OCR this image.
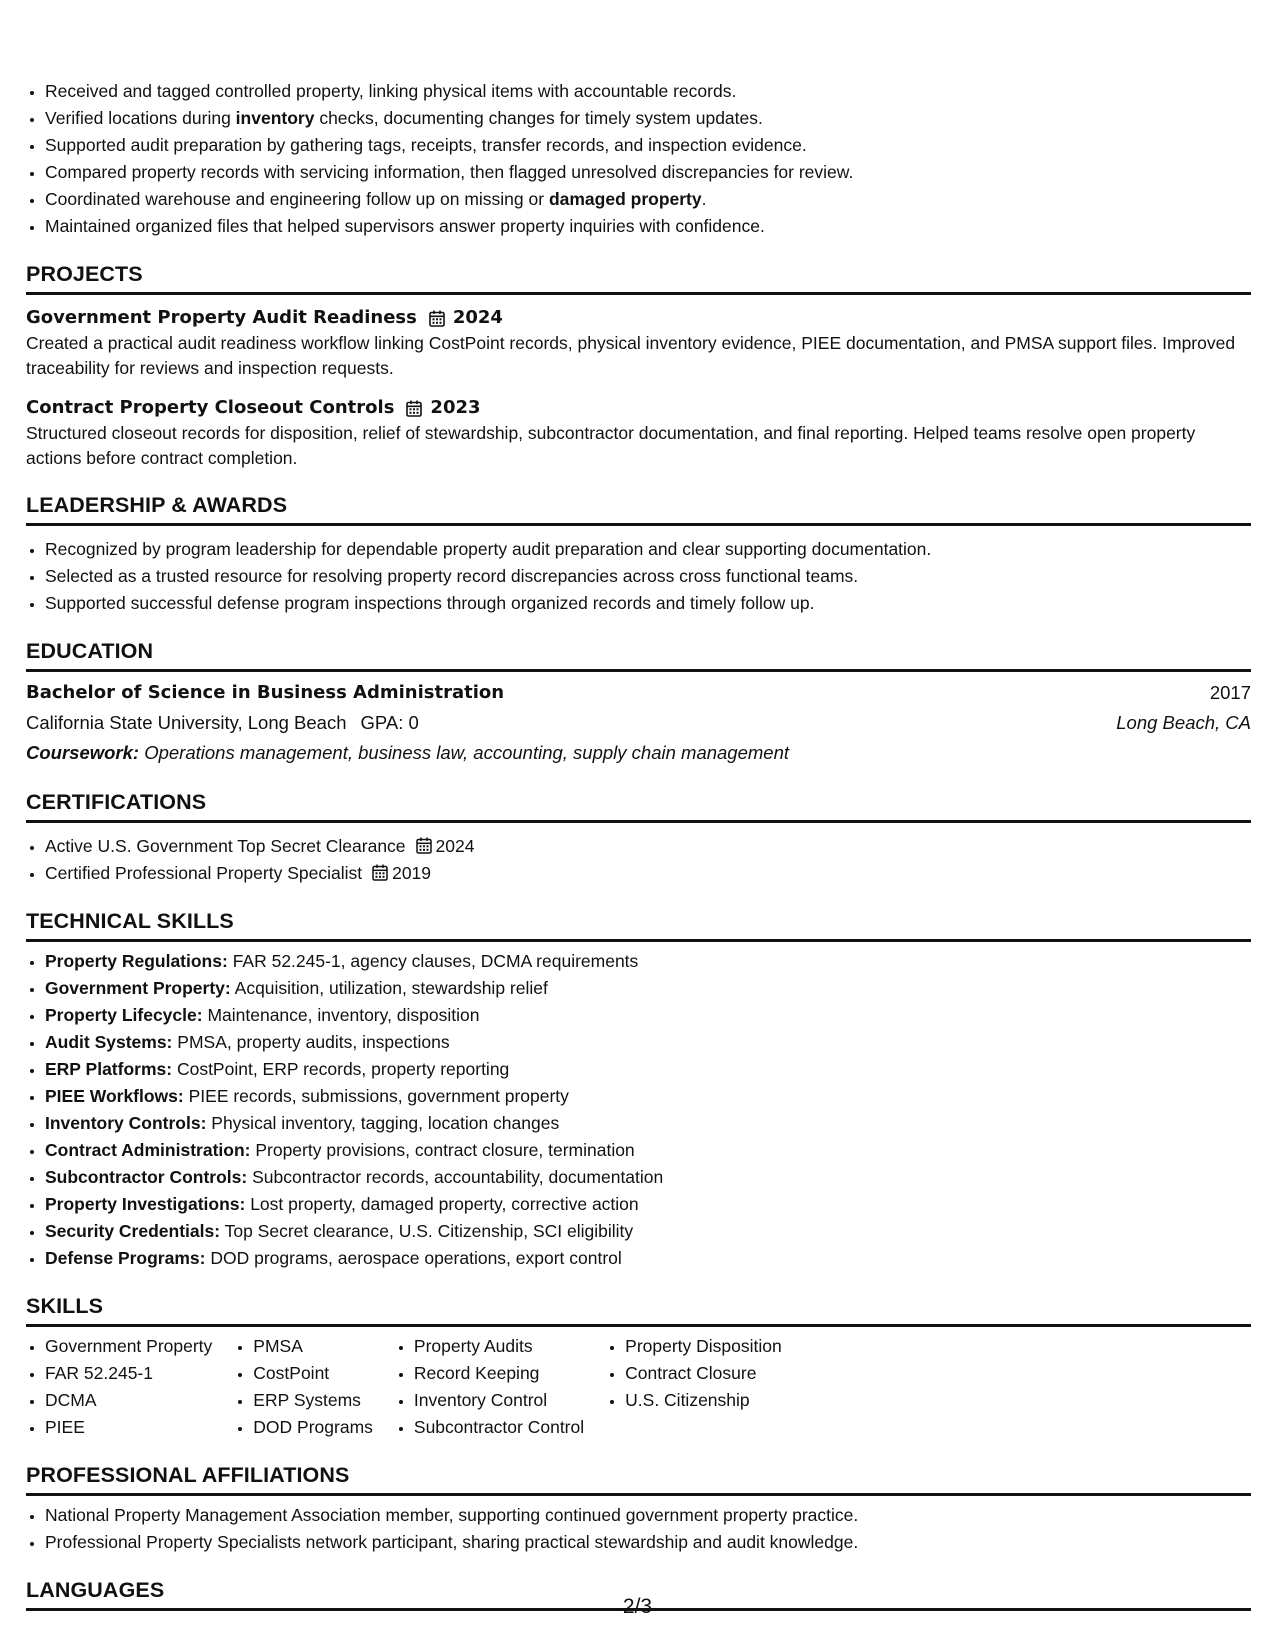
• Received and tagged controlled property, linking physical items with accountable records.
• Verified locations during inventory checks, documenting changes for timely system updates.
• Supported audit preparation by gathering tags, receipts, transfer records, and inspection evidence.
• Compared property records with servicing information, then flagged unresolved discrepancies for review.
• Coordinated warehouse and engineering follow up on missing or damaged property.
• Maintained organized files that helped supervisors answer property inquiries with confidence.
PROJECTS
Government Property Audit Readiness 2024
Created a practical audit readiness workflow linking CostPoint records, physical inventory evidence, PIEE documentation, and PMSA support files. Improved traceability for reviews and inspection requests.
Contract Property Closeout Controls 2023
Structured closeout records for disposition, relief of stewardship, subcontractor documentation, and final reporting. Helped teams resolve open property actions before contract completion.
LEADERSHIP & AWARDS
• Recognized by program leadership for dependable property audit preparation and clear supporting documentation.
• Selected as a trusted resource for resolving property record discrepancies across cross functional teams.
• Supported successful defense program inspections through organized records and timely follow up.
EDUCATION
Bachelor of Science in Business Administration	2017
California State University, Long Beach GPA: 0	Long Beach, CA
Coursework: Operations management, business law, accounting, supply chain management
CERTIFICATIONS
• Active U.S. Government Top Secret Clearance 2024
• Certified Professional Property Specialist 2019
TECHNICAL SKILLS
• Property Regulations: FAR 52.245-1, agency clauses, DCMA requirements
• Government Property: Acquisition, utilization, stewardship relief
• Property Lifecycle: Maintenance, inventory, disposition
• Audit Systems: PMSA, property audits, inspections
• ERP Platforms: CostPoint, ERP records, property reporting
• PIEE Workflows: PIEE records, submissions, government property
• Inventory Controls: Physical inventory, tagging, location changes
• Contract Administration: Property provisions, contract closure, termination
• Subcontractor Controls: Subcontractor records, accountability, documentation
• Property Investigations: Lost property, damaged property, corrective action
• Security Credentials: Top Secret clearance, U.S. Citizenship, SCI eligibility
• Defense Programs: DOD programs, aerospace operations, export control
SKILLS
• Government Property
• FAR 52.245-1
• DCMA
• PIEE
• PMSA
• CostPoint
• ERP Systems
• DOD Programs
• Property Audits
• Record Keeping
• Inventory Control
• Subcontractor Control
• Property Disposition
• Contract Closure
• U.S. Citizenship
PROFESSIONAL AFFILIATIONS
• National Property Management Association member, supporting continued government property practice.
• Professional Property Specialists network participant, sharing practical stewardship and audit knowledge.
LANGUAGES
2/3
